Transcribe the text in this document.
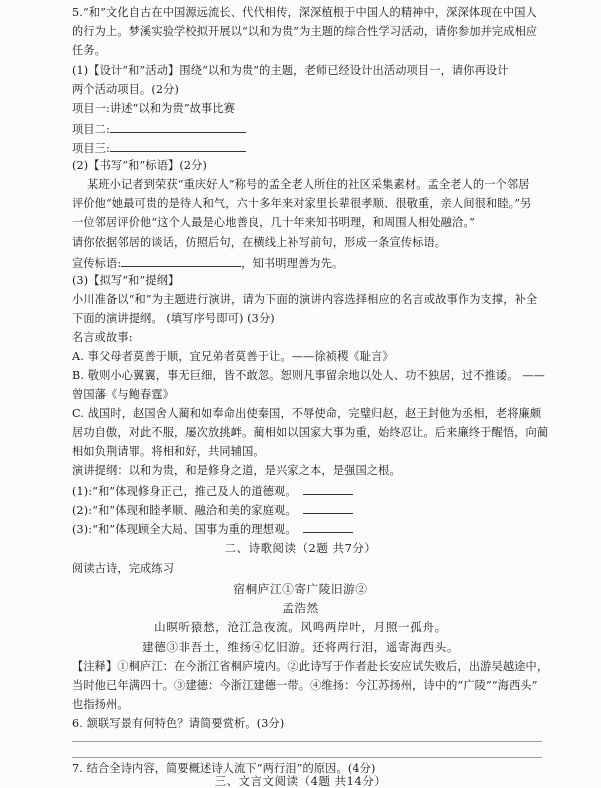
5.“和”文化自古在中国源远流长、代代相传，深深植根于中国人的精神中，深深体现在中国人
的行为上。梦溪实验学校拟开展以“以和为贵”为主题的综合性学习活动，请你参加并完成相应
任务。
(1)【设计“和”活动】围绕“以和为贵”的主题，老师已经设计出活动项目一，请你再设计
两个活动项目。(2分)
项目一:讲述“以和为贵”故事比赛
项目二:
项目三:
(2)【书写“和”标语】(2分)
某班小记者到荣获“重庆好人”称号的孟全老人所住的社区采集素材。孟全老人的一个邻居
评价他“她最可贵的是待人和气，六十多年来对家里长辈很孝顺、很敬重，亲人间很和睦。”另
一位邻居评价他“这个人最是心地善良，几十年来知书明理，和周围人相处融洽。”
请你依据邻居的谈话，仿照后句，在横线上补写前句，形成一条宣传标语。
宣传标语:	，知书明理善为先。
(3)【拟写“和”提纲】
小川准备以“和”为主题进行演讲，请为下面的演讲内容选择相应的名言或故事作为支撑，补全
下面的演讲提纲。 (填写序号即可) (3分)
名言或故事:
A. 事父母者莫善于顺，宜兄弟者莫善于让。——徐祯稷《耻言》
B. 敬则小心翼翼，事无巨细，皆不敢忽。恕则凡事留余地以处人、功不独居，过不推诿。 ——
曾国藩《与鲍春霆》
C. 战国时，赵国舍人蔺和如奉命出使秦国，不辱使命，完璧归赵，赵王封他为丞相，老将廉颇
居功自傲，对此不服，屡次放挑衅。蔺相如以国家大事为重，始终忍让。后来廉终于醒悟，向蔺
相如负荆请罪。将相和好，共同辅国。
演讲提纲：以和为贵，和是修身之道，是兴家之本，是强国之根。
(1):“和”体现修身正己，推己及人的道德观。
(2):“和”体现和睦孝顺、融洽和美的家庭观。
(3):“和”体现顾全大局、国事为重的理想观。
二、诗歌阅读（2题 共7分）
阅读古诗，完成练习
宿桐庐江①寄广陵旧游②
孟浩然
山暝听猿愁，沧江急夜流。风鸣两岸叶，月照一孤舟。
建德③非吾土，维扬④忆旧游。还将两行泪，遥寄海西头。
【注释】①桐庐江：在今浙江省桐庐境内。②此诗写于作者赴长安应试失败后，出游吴越途中，
当时他已年满四十。③建德：今浙江建德一带。④维扬：今江苏扬州，诗中的“广陵”“海西头”
也指扬州。
6. 颔联写景有何特色？请简要赏析。(3分)
7. 结合全诗内容，简要概述诗人流下“两行泪”的原因。(4分)
三、文言文阅读（4题 共14分）
